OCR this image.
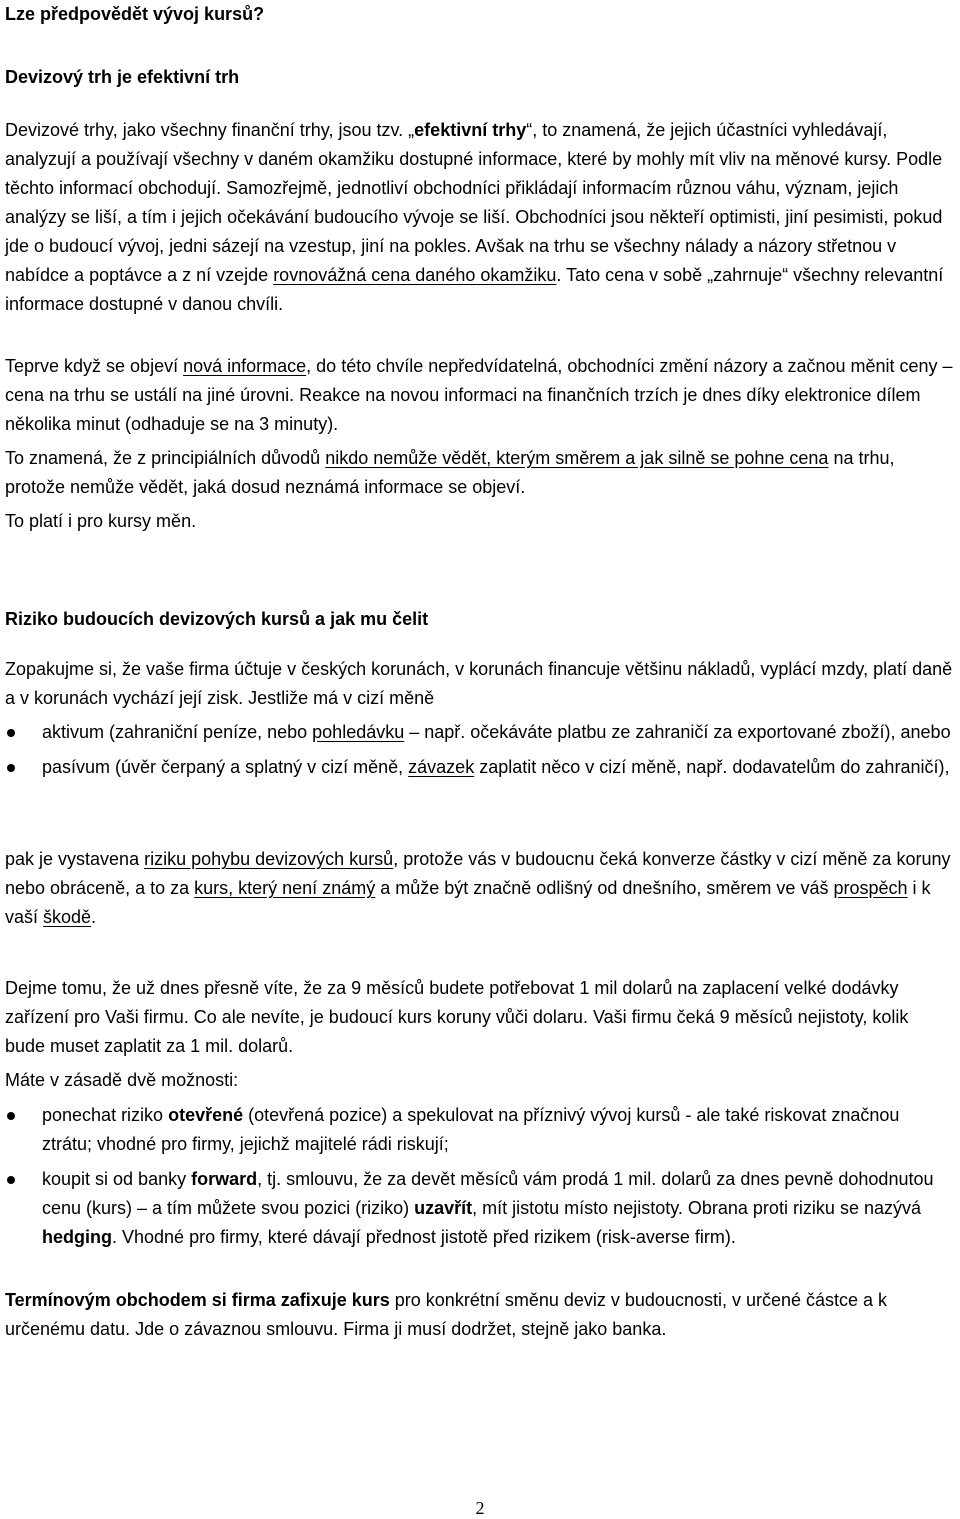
Lze předpovědět vývoj kursů?
Devizový trh je efektivní trh

Devizové trhy, jako všechny finanční trhy, jsou tzv. „efektivní trhy“, to znamená, že jejich účastníci vyhledávají, analyzují a používají všechny v daném okamžiku dostupné informace, které by mohly mít vliv na měnové kursy. Podle těchto informací obchodují. Samozřejmě, jednotliví obchodníci přikládají informacím různou váhu, význam, jejich analýzy se liší, a tím i jejich očekávání budoucího vývoje se liší. Obchodníci jsou někteří optimisti, jiní pesimisti, pokud jde o budoucí vývoj, jedni sázejí na vzestup, jiní na pokles. Avšak na trhu se všechny nálady a názory střetnou v nabídce a poptávce a z ní vzejde rovnovážná cena daného okamžiku. Tato cena v sobě „zahrnuje“ všechny relevantní informace dostupné v danou chvíli.

Teprve když se objeví nová informace, do této chvíle nepředvídatelná, obchodníci změní názory a začnou měnit ceny – cena na trhu se ustálí na jiné úrovni. Reakce na novou informaci na finančních trzích je dnes díky elektronice dílem několika minut (odhaduje se na 3 minuty).

To znamená, že z principiálních důvodů nikdo nemůže vědět, kterým směrem a jak silně se pohne cena na trhu, protože nemůže vědět, jaká dosud neznámá informace se objeví.

To platí i pro kursy měn.

Riziko budoucích devizových kursů a jak mu čelit

Zopakujme si, že vaše firma účtuje v českých korunách, v korunách financuje většinu nákladů, vyplácí mzdy, platí daně a v korunách vychází její zisk. Jestliže má v cizí měně

aktivum (zahraniční peníze, nebo pohledávku – např. očekáváte platbu ze zahraničí za exportované zboží), anebo
pasívum (úvěr čerpaný a splatný v cizí měně, závazek zaplatit něco v cizí měně, např. dodavatelům do zahraničí),

pak je vystavena riziku pohybu devizových kursů, protože vás v budoucnu čeká konverze částky v cizí měně za koruny nebo obráceně, a to za kurs, který není známý a může být značně odlišný od dnešního, směrem ve váš prospěch i k vaší škodě.

Dejme tomu, že už dnes přesně víte, že za 9 měsíců budete potřebovat 1 mil dolarů na zaplacení velké dodávky zařízení pro Vaši firmu. Co ale nevíte, je budoucí kurs koruny vůči dolaru. Vaši firmu čeká 9 měsíců nejistoty, kolik bude muset zaplatit za 1 mil. dolarů.

Máte v zásadě dvě možnosti:

ponechat riziko otevřené (otevřená pozice) a spekulovat na příznivý vývoj kursů - ale také riskovat značnou ztrátu; vhodné pro firmy, jejichž majitelé rádi riskují;
koupit si od banky forward, tj. smlouvu, že za devět měsíců vám prodá 1 mil. dolarů za dnes pevně dohodnutou cenu (kurs) – a tím můžete svou pozici (riziko) uzavřít, mít jistotu místo nejistoty. Obrana proti riziku se nazývá hedging. Vhodné pro firmy, které dávají přednost jistotě před rizikem (risk-averse firm).

Termínovým obchodem si firma zafixuje kurs pro konkrétní směnu deviz v budoucnosti, v určené částce a k určenému datu. Jde o závaznou smlouvu. Firma ji musí dodržet, stejně jako banka.

2
